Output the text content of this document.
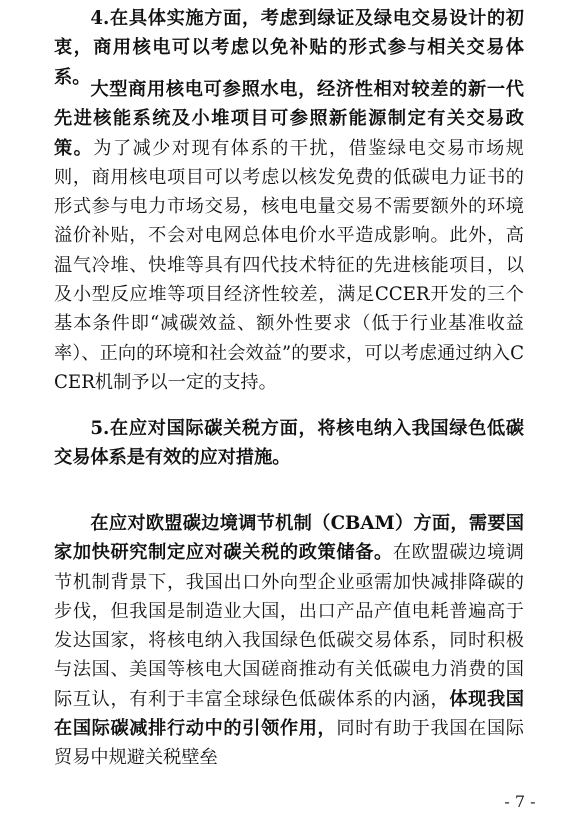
4.在具体实施方面，考虑到绿证及绿电交易设计的初衷，商用核电可以考虑以免补贴的形式参与相关交易体系。

大型商用核电可参照水电，经济性相对较差的新一代先进核能系统及小堆项目可参照新能源制定有关交易政策。为了减少对现有体系的干扰，借鉴绿电交易市场规则，商用核电项目可以考虑以核发免费的低碳电力证书的形式参与电力市场交易，核电电量交易不需要额外的环境溢价补贴，不会对电网总体电价水平造成影响。此外，高温气冷堆、快堆等具有四代技术特征的先进核能项目，以及小型反应堆等项目经济性较差，满足CCER开发的三个基本条件即“减碳效益、额外性要求（低于行业基准收益率）、正向的环境和社会效益”的要求，可以考虑通过纳入CCER机制予以一定的支持。

5.在应对国际碳关税方面，将核电纳入我国绿色低碳交易体系是有效的应对措施。

在应对欧盟碳边境调节机制（CBAM）方面，需要国家加快研究制定应对碳关税的政策储备。在欧盟碳边境调节机制背景下，我国出口外向型企业亟需加快减排降碳的步伐，但我国是制造业大国，出口产品产值电耗普遍高于发达国家，将核电纳入我国绿色低碳交易体系，同时积极与法国、美国等核电大国磋商推动有关低碳电力消费的国际互认，有利于丰富全球绿色低碳体系的内涵，体现我国在国际碳减排行动中的引领作用，同时有助于我国在国际贸易中规避关税壁垒

- 7 -
